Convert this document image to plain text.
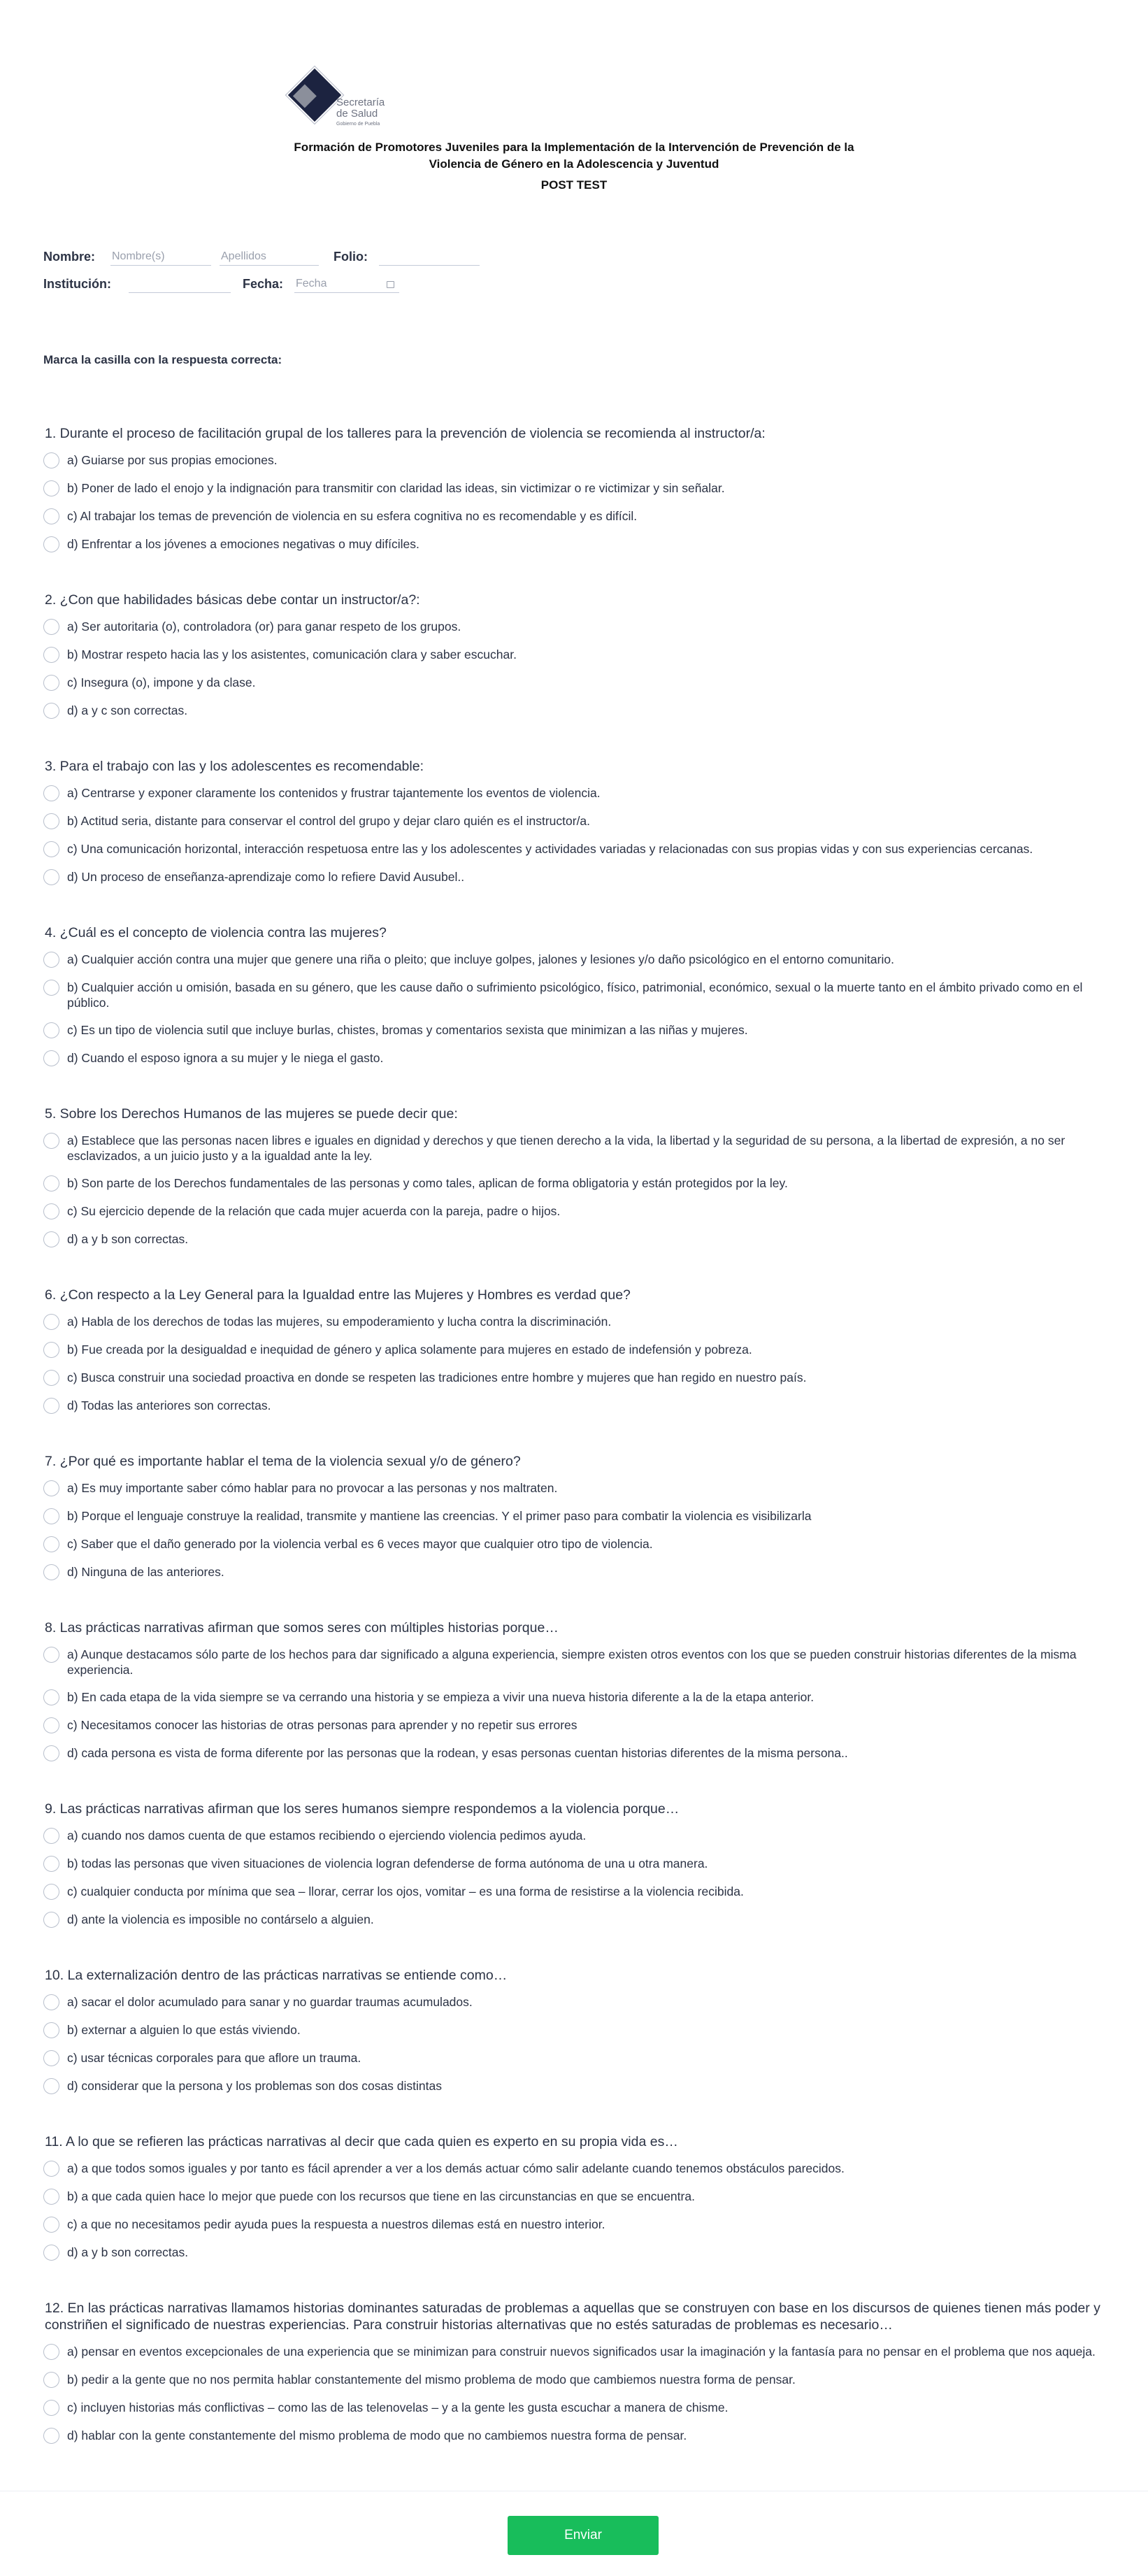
Secretaría
de Salud
Gobierno de Puebla
Formación de Promotores Juveniles para la Implementación de la Intervención de Prevención de la Violencia de Género en la Adolescencia y Juventud
POST TEST
Nombre:
Nombre(s)
Apellidos	Folio:
Institución:	Fecha:
Fecha
Marca la casilla con la respuesta correcta:

1. Durante el proceso de facilitación grupal de los talleres para la prevención de violencia se recomienda al instructor/a:

a) Guiarse por sus propias emociones.
b) Poner de lado el enojo y la indignación para transmitir con claridad las ideas, sin victimizar o re victimizar y sin señalar.
c) Al trabajar los temas de prevención de violencia en su esfera cognitiva no es recomendable y es difícil.
d) Enfrentar a los jóvenes a emociones negativas o muy difíciles.

2. ¿Con que habilidades básicas debe contar un instructor/a?:

a) Ser autoritaria (o), controladora (or) para ganar respeto de los grupos.
b) Mostrar respeto hacia las y los asistentes, comunicación clara y saber escuchar.
c) Insegura (o), impone y da clase.
d) a y c son correctas.

3. Para el trabajo con las y los adolescentes es recomendable:

a) Centrarse y exponer claramente los contenidos y frustrar tajantemente los eventos de violencia.
b) Actitud seria, distante para conservar el control del grupo y dejar claro quién es el instructor/a.
c) Una comunicación horizontal, interacción respetuosa entre las y los adolescentes y actividades variadas y relacionadas con sus propias vidas y con sus experiencias cercanas.
d) Un proceso de enseñanza-aprendizaje como lo refiere David Ausubel..

4. ¿Cuál es el concepto de violencia contra las mujeres?

a) Cualquier acción contra una mujer que genere una riña o pleito; que incluye golpes, jalones y lesiones y/o daño psicológico en el entorno comunitario.
b) Cualquier acción u omisión, basada en su género, que les cause daño o sufrimiento psicológico, físico, patrimonial, económico, sexual o la muerte tanto en el ámbito privado como en el público.
c) Es un tipo de violencia sutil que incluye burlas, chistes, bromas y comentarios sexista que minimizan a las niñas y mujeres.
d) Cuando el esposo ignora a su mujer y le niega el gasto.

5. Sobre los Derechos Humanos de las mujeres se puede decir que:

a) Establece que las personas nacen libres e iguales en dignidad y derechos y que tienen derecho a la vida, la libertad y la seguridad de su persona, a la libertad de expresión, a no ser esclavizados, a un juicio justo y a la igualdad ante la ley.
b) Son parte de los Derechos fundamentales de las personas y como tales, aplican de forma obligatoria y están protegidos por la ley.
c) Su ejercicio depende de la relación que cada mujer acuerda con la pareja, padre o hijos.
d) a y b son correctas.

6. ¿Con respecto a la Ley General para la Igualdad entre las Mujeres y Hombres es verdad que?

a) Habla de los derechos de todas las mujeres, su empoderamiento y lucha contra la discriminación.
b) Fue creada por la desigualdad e inequidad de género y aplica solamente para mujeres en estado de indefensión y pobreza.
c) Busca construir una sociedad proactiva en donde se respeten las tradiciones entre hombre y mujeres que han regido en nuestro país.
d) Todas las anteriores son correctas.

7. ¿Por qué es importante hablar el tema de la violencia sexual y/o de género?

a) Es muy importante saber cómo hablar para no provocar a las personas y nos maltraten.
b) Porque el lenguaje construye la realidad, transmite y mantiene las creencias. Y el primer paso para combatir la violencia es visibilizarla
c) Saber que el daño generado por la violencia verbal es 6 veces mayor que cualquier otro tipo de violencia.
d) Ninguna de las anteriores.

8. Las prácticas narrativas afirman que somos seres con múltiples historias porque…

a) Aunque destacamos sólo parte de los hechos para dar significado a alguna experiencia, siempre existen otros eventos con los que se pueden construir historias diferentes de la misma experiencia.
b) En cada etapa de la vida siempre se va cerrando una historia y se empieza a vivir una nueva historia diferente a la de la etapa anterior.
c) Necesitamos conocer las historias de otras personas para aprender y no repetir sus errores
d) cada persona es vista de forma diferente por las personas que la rodean, y esas personas cuentan historias diferentes de la misma persona..

9. Las prácticas narrativas afirman que los seres humanos siempre respondemos a la violencia porque…

a) cuando nos damos cuenta de que estamos recibiendo o ejerciendo violencia pedimos ayuda.
b) todas las personas que viven situaciones de violencia logran defenderse de forma autónoma de una u otra manera.
c) cualquier conducta por mínima que sea – llorar, cerrar los ojos, vomitar – es una forma de resistirse a la violencia recibida.
d) ante la violencia es imposible no contárselo a alguien.

10. La externalización dentro de las prácticas narrativas se entiende como…

a) sacar el dolor acumulado para sanar y no guardar traumas acumulados.
b) externar a alguien lo que estás viviendo.
c) usar técnicas corporales para que aflore un trauma.
d) considerar que la persona y los problemas son dos cosas distintas

11. A lo que se refieren las prácticas narrativas al decir que cada quien es experto en su propia vida es…

a) a que todos somos iguales y por tanto es fácil aprender a ver a los demás actuar cómo salir adelante cuando tenemos obstáculos parecidos.
b) a que cada quien hace lo mejor que puede con los recursos que tiene en las circunstancias en que se encuentra.
c) a que no necesitamos pedir ayuda pues la respuesta a nuestros dilemas está en nuestro interior.
d) a y b son correctas.

12. En las prácticas narrativas llamamos historias dominantes saturadas de problemas a aquellas que se construyen con base en los discursos de quienes tienen más poder y constriñen el significado de nuestras experiencias. Para construir historias alternativas que no estés saturadas de problemas es necesario…

a) pensar en eventos excepcionales de una experiencia que se minimizan para construir nuevos significados usar la imaginación y la fantasía para no pensar en el problema que nos aqueja.
b) pedir a la gente que no nos permita hablar constantemente del mismo problema de modo que cambiemos nuestra forma de pensar.
c) incluyen historias más conflictivas – como las de las telenovelas – y a la gente les gusta escuchar a manera de chisme.
d) hablar con la gente constantemente del mismo problema de modo que no cambiemos nuestra forma de pensar.
Enviar
